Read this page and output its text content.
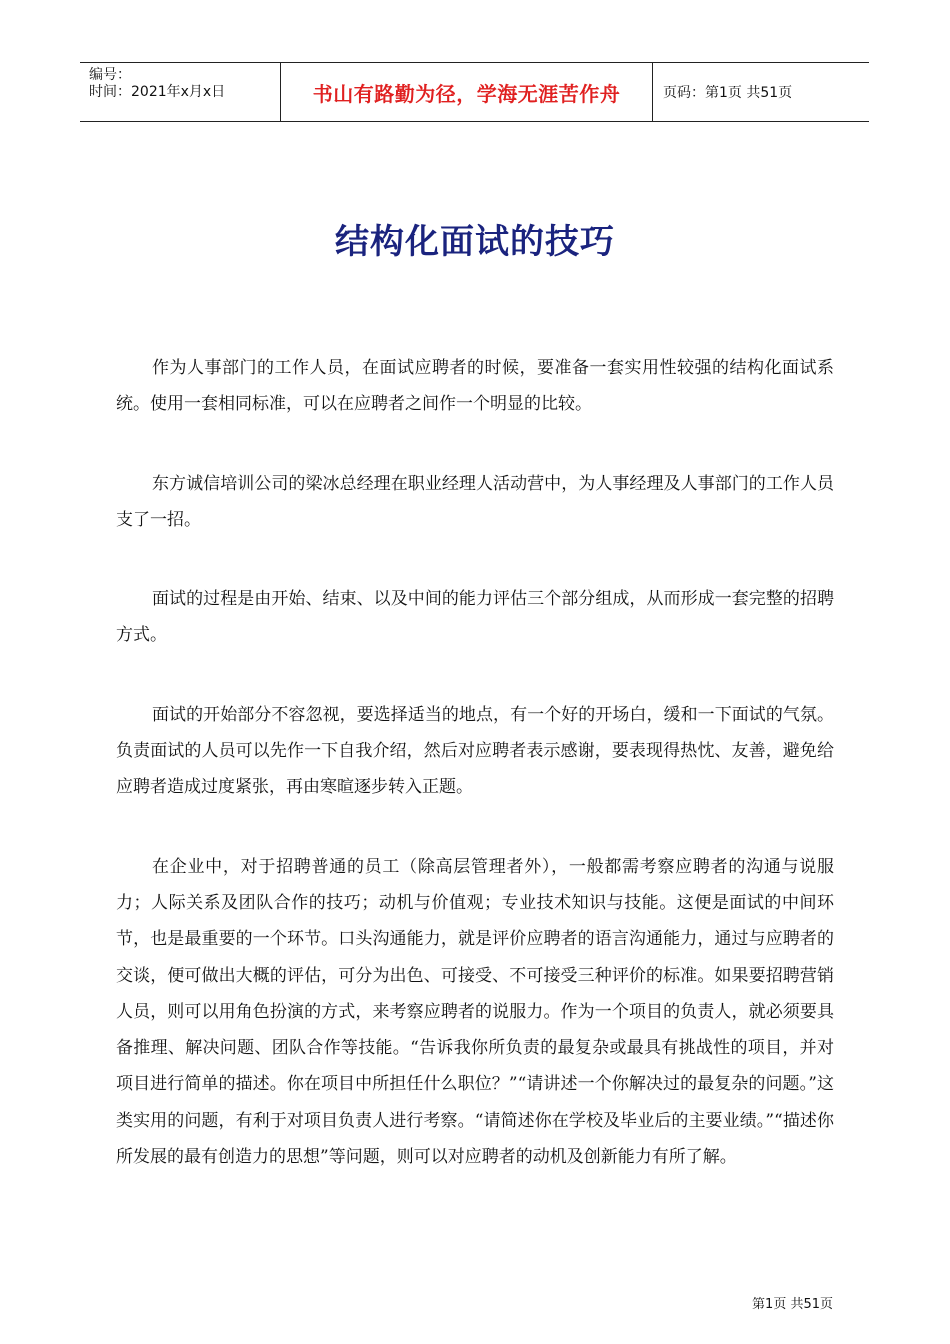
编号：
时间：2021年x月x日	书山有路勤为径，学海无涯苦作舟	页码：第1页 共51页
结构化面试的技巧

作为人事部门的工作人员，在面试应聘者的时候，要准备一套实用性较强的结构化面试系统。使用一套相同标准，可以在应聘者之间作一个明显的比较。

东方诚信培训公司的梁冰总经理在职业经理人活动营中，为人事经理及人事部门的工作人员支了一招。

面试的过程是由开始、结束、以及中间的能力评估三个部分组成，从而形成一套完整的招聘方式。

面试的开始部分不容忽视，要选择适当的地点，有一个好的开场白，缓和一下面试的气氛。负责面试的人员可以先作一下自我介绍，然后对应聘者表示感谢，要表现得热忱、友善，避免给应聘者造成过度紧张，再由寒暄逐步转入正题。

在企业中，对于招聘普通的员工（除高层管理者外），一般都需考察应聘者的沟通与说服力；人际关系及团队合作的技巧；动机与价值观；专业技术知识与技能。这便是面试的中间环节，也是最重要的一个环节。口头沟通能力，就是评价应聘者的语言沟通能力，通过与应聘者的交谈，便可做出大概的评估，可分为出色、可接受、不可接受三种评价的标准。如果要招聘营销人员，则可以用角色扮演的方式，来考察应聘者的说服力。作为一个项目的负责人，就必须要具备推理、解决问题、团队合作等技能。“告诉我你所负责的最复杂或最具有挑战性的项目，并对项目进行简单的描述。你在项目中所担任什么职位？”“请讲述一个你解决过的最复杂的问题。”这类实用的问题，有利于对项目负责人进行考察。“请简述你在学校及毕业后的主要业绩。”“描述你所发展的最有创造力的思想”等问题，则可以对应聘者的动机及创新能力有所了解。

第1页 共51页
